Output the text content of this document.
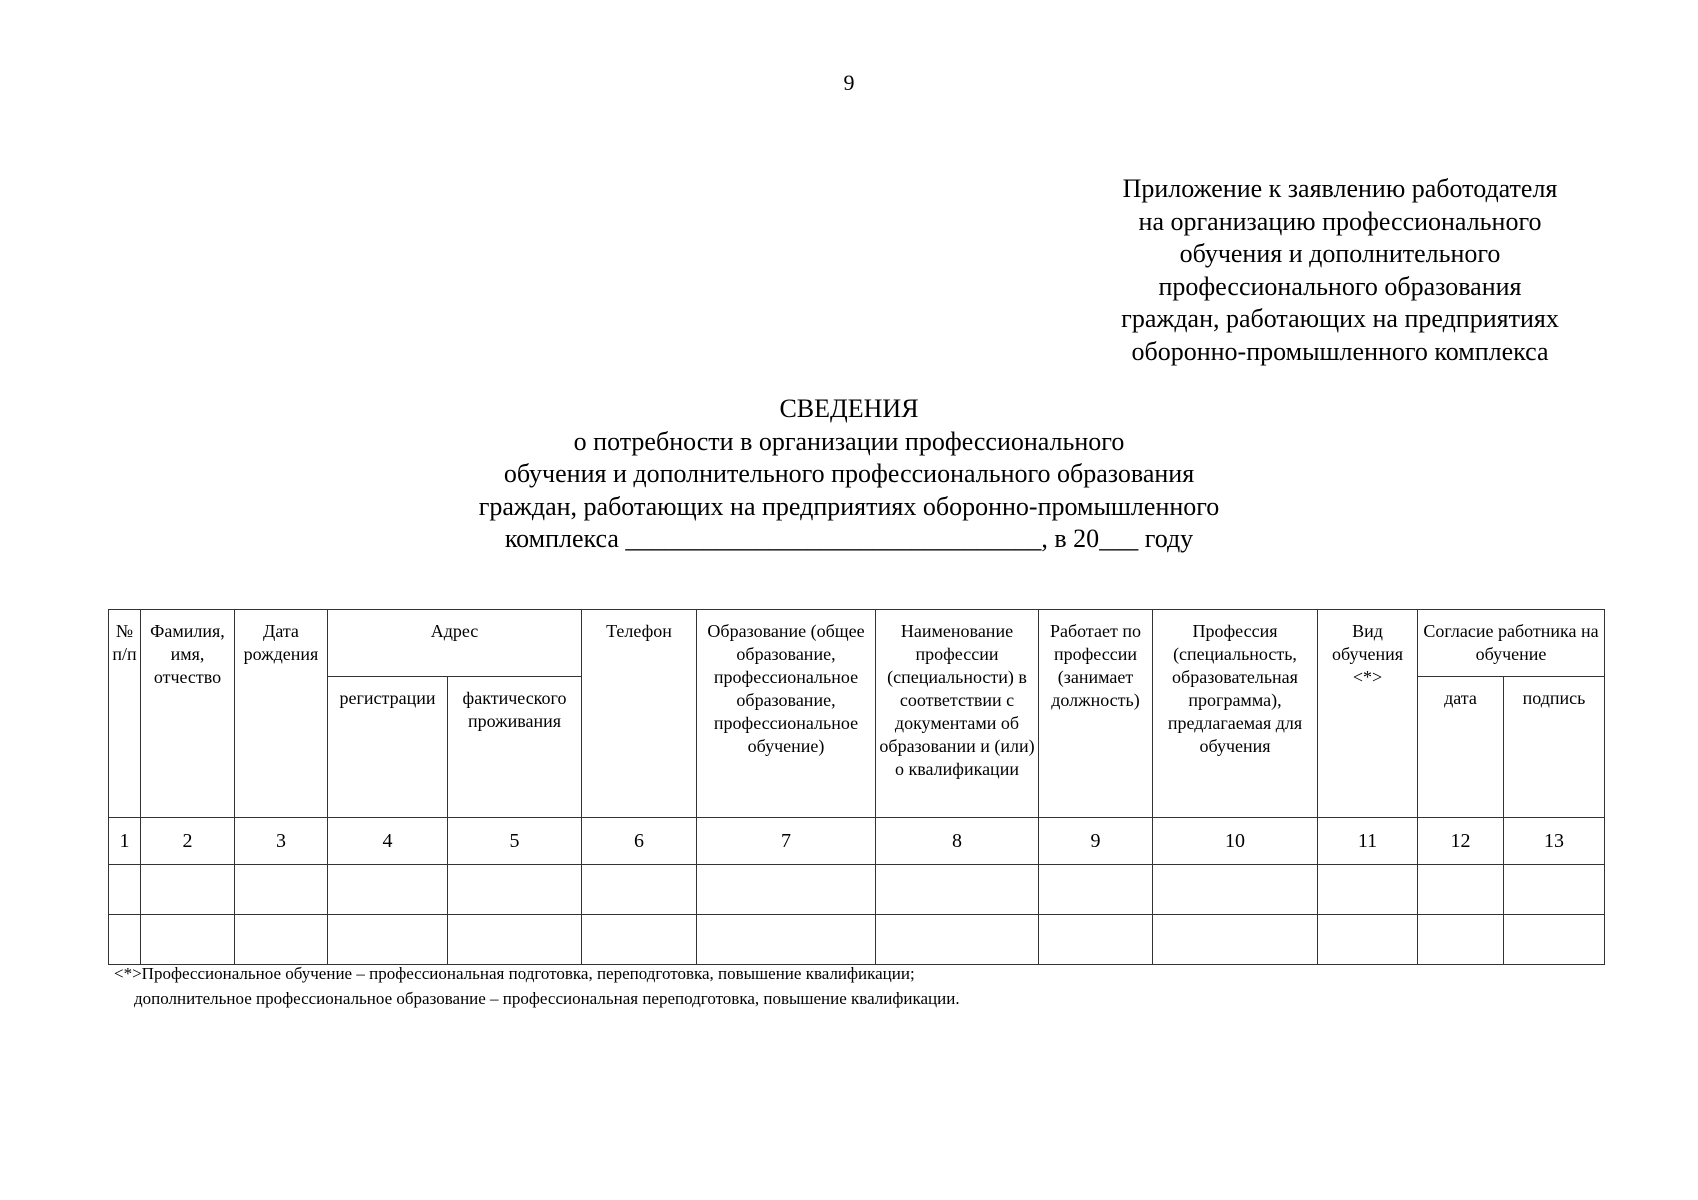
9
Приложение к заявлению работодателя
на организацию профессионального
обучения и дополнительного
профессионального образования
граждан, работающих на предприятиях
оборонно-промышленного комплекса
СВЕДЕНИЯ
о потребности в организации профессионального
обучения и дополнительного профессионального образования
граждан, работающих на предприятиях оборонно-промышленного
комплекса ________________________________, в 20___ году
№ п/п	Фамилия, имя, отчество	Дата рождения	Адрес		Телефон	Образование (общее образование, профессиональное образование, профессиональное обучение)	Наименование профессии (специальности) в соответствии с документами об образовании и (или) о квалификации	Работает по профессии (занимает должность)	Профессия (специальность, образовательная программа), предлагаемая для обучения	Вид обучения <*>	Согласие работника на обучение	
			регистрации	фактического проживания							дата	подпись
1	2	3	4	5	6	7	8	9	10	11	12	13

<*>Профессиональное обучение – профессиональная подготовка, переподготовка, повышение квалификации;
дополнительное профессиональное образование – профессиональная переподготовка, повышение квалификации.
